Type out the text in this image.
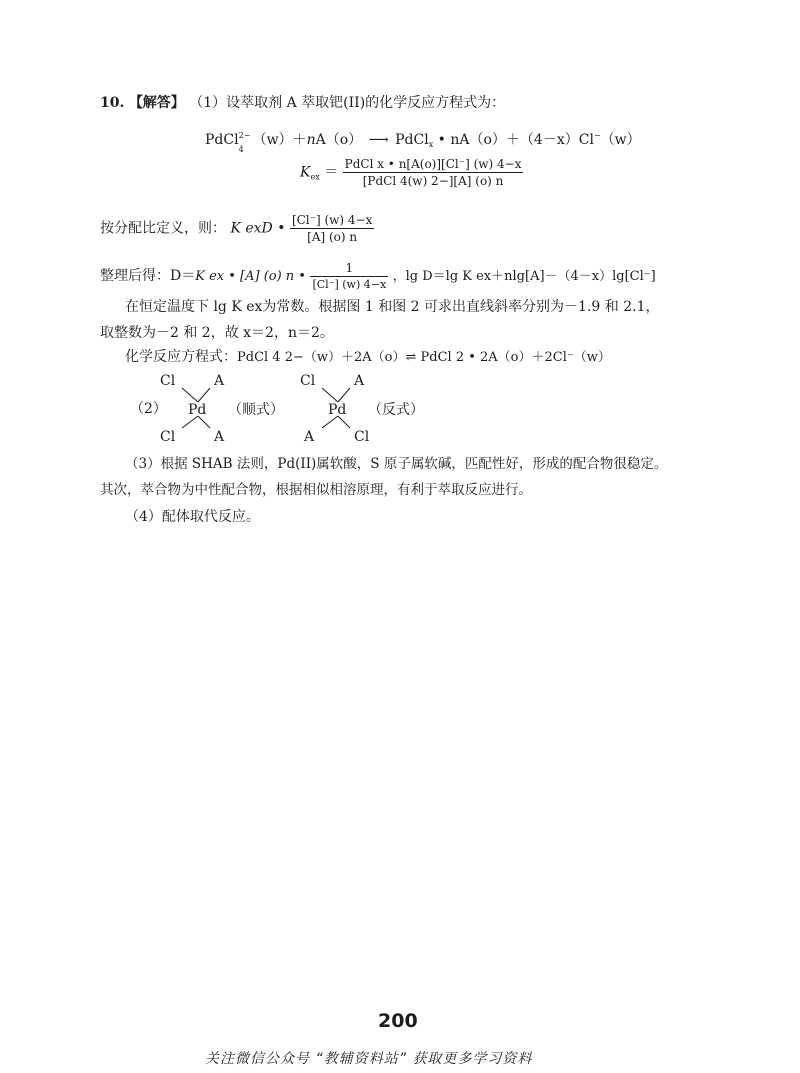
10. 【解答】 （1）设萃取剂 A 萃取钯(II)的化学反应方程式为：
PdCl 2−
4
（w）＋nA（o） ⟶ PdCl$_x$ • nA（o）＋（4－x）Cl−（w）
$K_{ex} = \frac{\text{PdCl x • n[A(o)][Cl⁻] (w) 4−x}}{\text{[PdCl 4(w) 2−][A] (o) n}}$
按分配比定义，则： K exD • $\frac{[Cl^-] (w) 4-x}{[A] (o) n}$
整理后得：D＝K ex • [A] (o) n • $\frac{1}{[Cl^-] (w) 4-x}$ ，lg D＝lg K ex＋nlg[A]－（4－x）lg[Cl⁻]
在恒定温度下 lg K ex为常数。根据图 1 和图 2 可求出直线斜率分别为－1.9 和 2.1，
取整数为－2 和 2，故 x＝2，n＝2。
化学反应方程式：PdCl 4 2−（w）＋2A（o）⇌ PdCl 2 • 2A（o）＋2Cl⁻（w）
（2）
Cl	A
Pd
Cl	A
（顺式）
Cl	A
Pd
A	Cl
（反式）
（3）根据 SHAB 法则，Pd(II)属软酸，S 原子属软碱，匹配性好，形成的配合物很稳定。
其次，萃合物为中性配合物，根据相似相溶原理，有利于萃取反应进行。
（4）配体取代反应。
200
关注微信公众号 “教辅资料站” 获取更多学习资料
